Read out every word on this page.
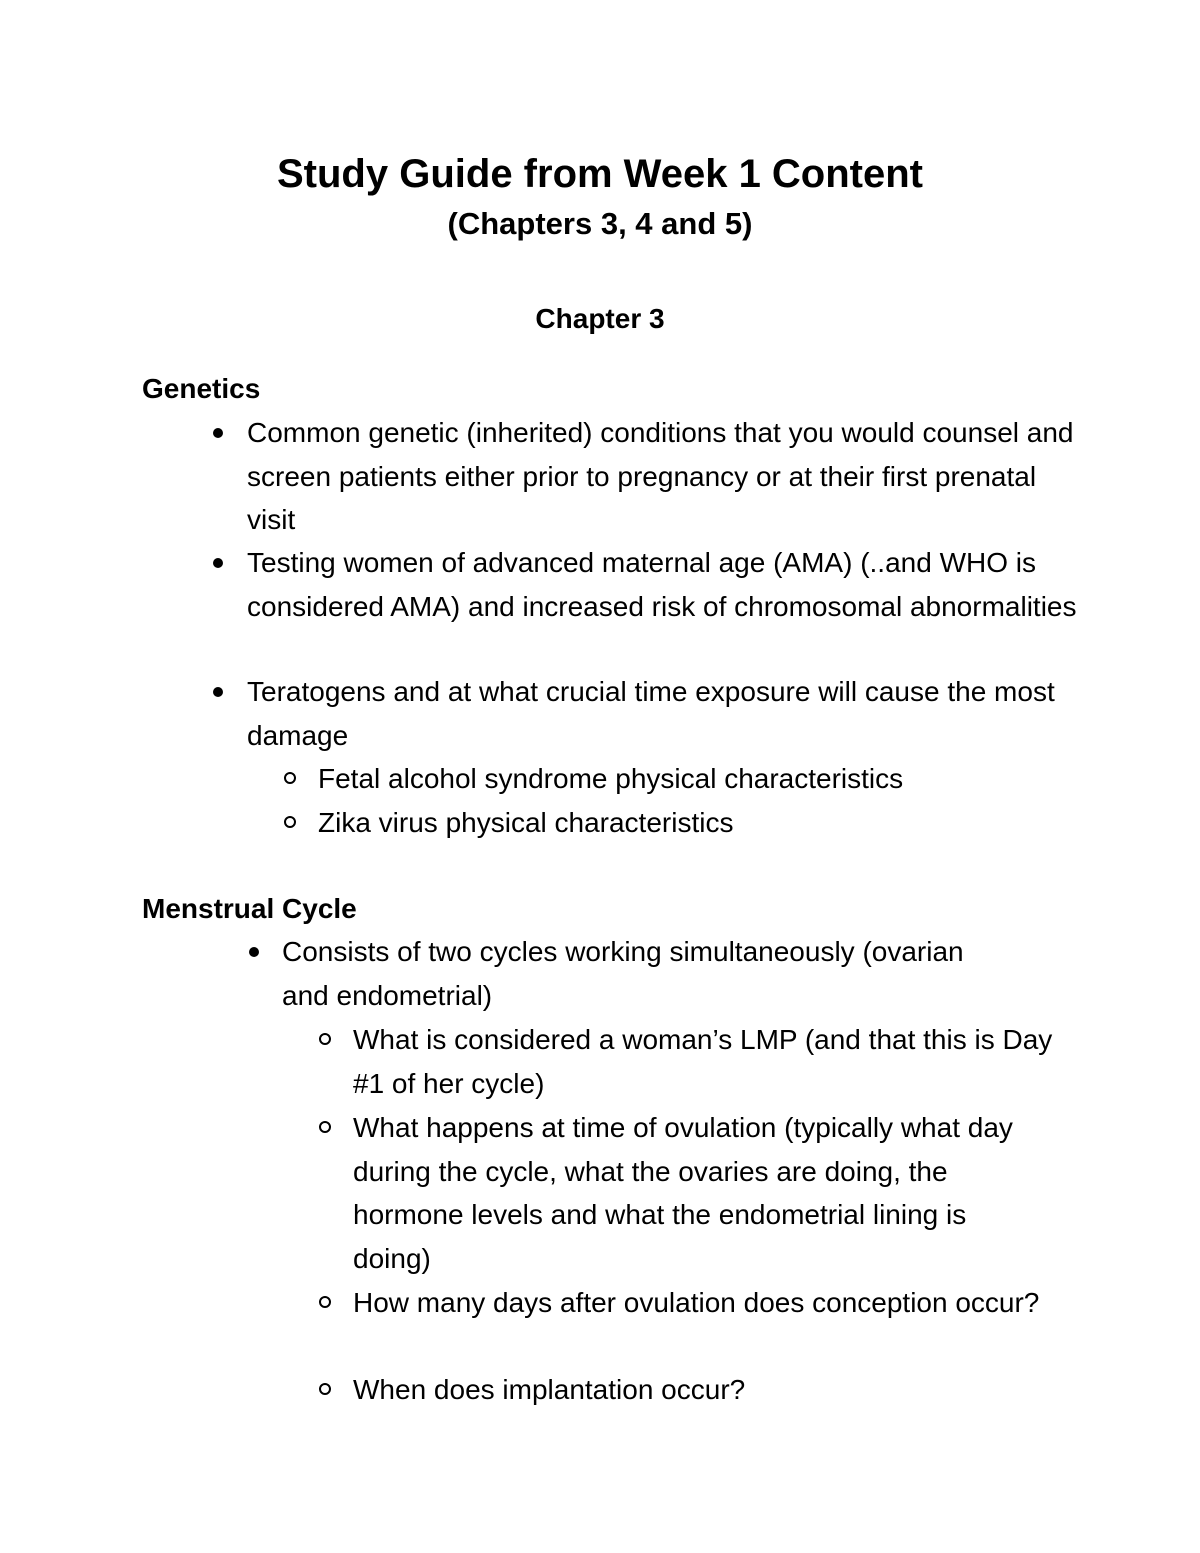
Study Guide from Week 1 Content
(Chapters 3, 4 and 5)
Chapter 3
Genetics
Common genetic (inherited) conditions that you would counsel and screen patients either prior to pregnancy or at their first prenatal visit
Testing women of advanced maternal age (AMA) (..and WHO is considered AMA) and increased risk of chromosomal abnormalities
Teratogens and at what crucial time exposure will cause the most damage
Fetal alcohol syndrome physical characteristics
Zika virus physical characteristics
Menstrual Cycle
Consists of two cycles working simultaneously (ovarian and endometrial)
What is considered a woman’s LMP (and that this is Day #1 of her cycle)
What happens at time of ovulation (typically what day during the cycle, what the ovaries are doing, the hormone levels and what the endometrial lining is doing)
How many days after ovulation does conception occur?
When does implantation occur?
